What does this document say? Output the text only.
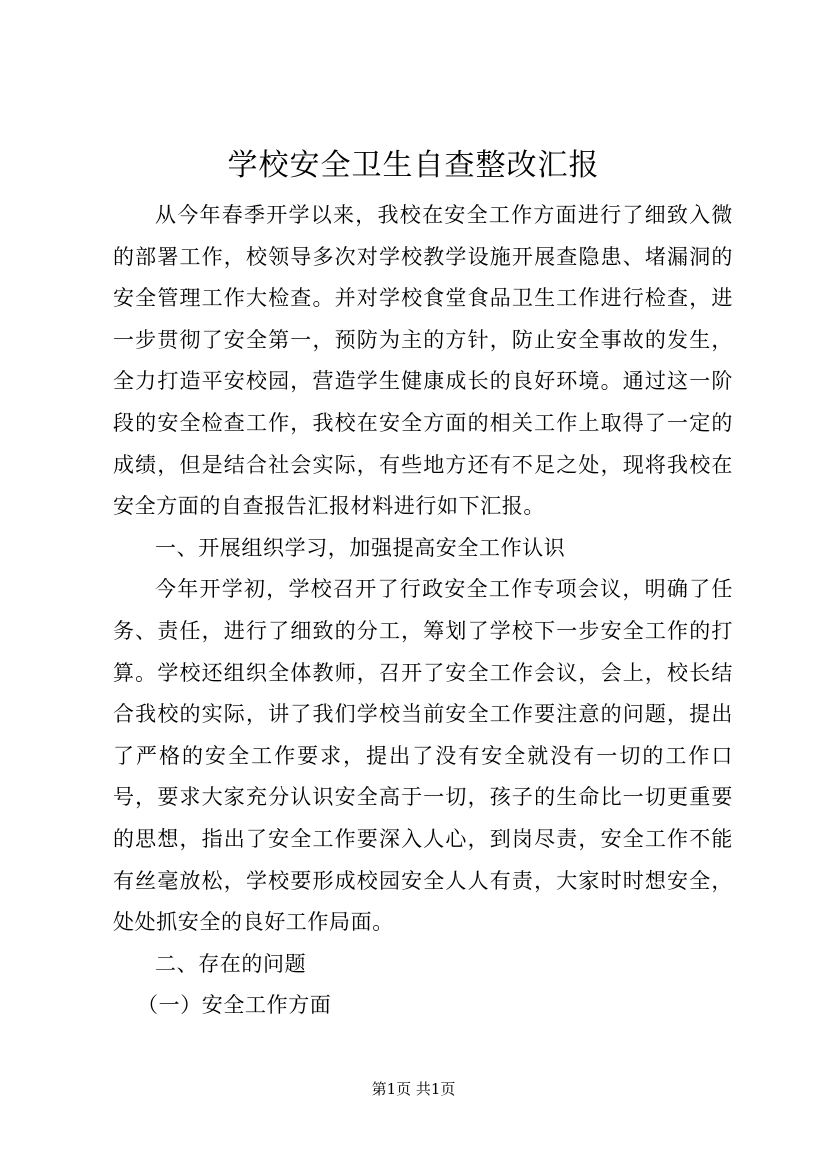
学校安全卫生自查整改汇报

从今年春季开学以来，我校在安全工作方面进行了细致入微的部署工作，校领导多次对学校教学设施开展查隐患、堵漏洞的安全管理工作大检查。并对学校食堂食品卫生工作进行检查，进一步贯彻了安全第一，预防为主的方针，防止安全事故的发生，全力打造平安校园，营造学生健康成长的良好环境。通过这一阶段的安全检查工作，我校在安全方面的相关工作上取得了一定的成绩，但是结合社会实际，有些地方还有不足之处，现将我校在安全方面的自查报告汇报材料进行如下汇报。

一、开展组织学习，加强提高安全工作认识

今年开学初，学校召开了行政安全工作专项会议，明确了任务、责任，进行了细致的分工，筹划了学校下一步安全工作的打算。学校还组织全体教师，召开了安全工作会议，会上，校长结合我校的实际，讲了我们学校当前安全工作要注意的问题，提出了严格的安全工作要求，提出了没有安全就没有一切的工作口号，要求大家充分认识安全高于一切，孩子的生命比一切更重要的思想，指出了安全工作要深入人心，到岗尽责，安全工作不能有丝毫放松，学校要形成校园安全人人有责，大家时时想安全，处处抓安全的良好工作局面。

二、存在的问题

（一）安全工作方面

第1页 共1页
